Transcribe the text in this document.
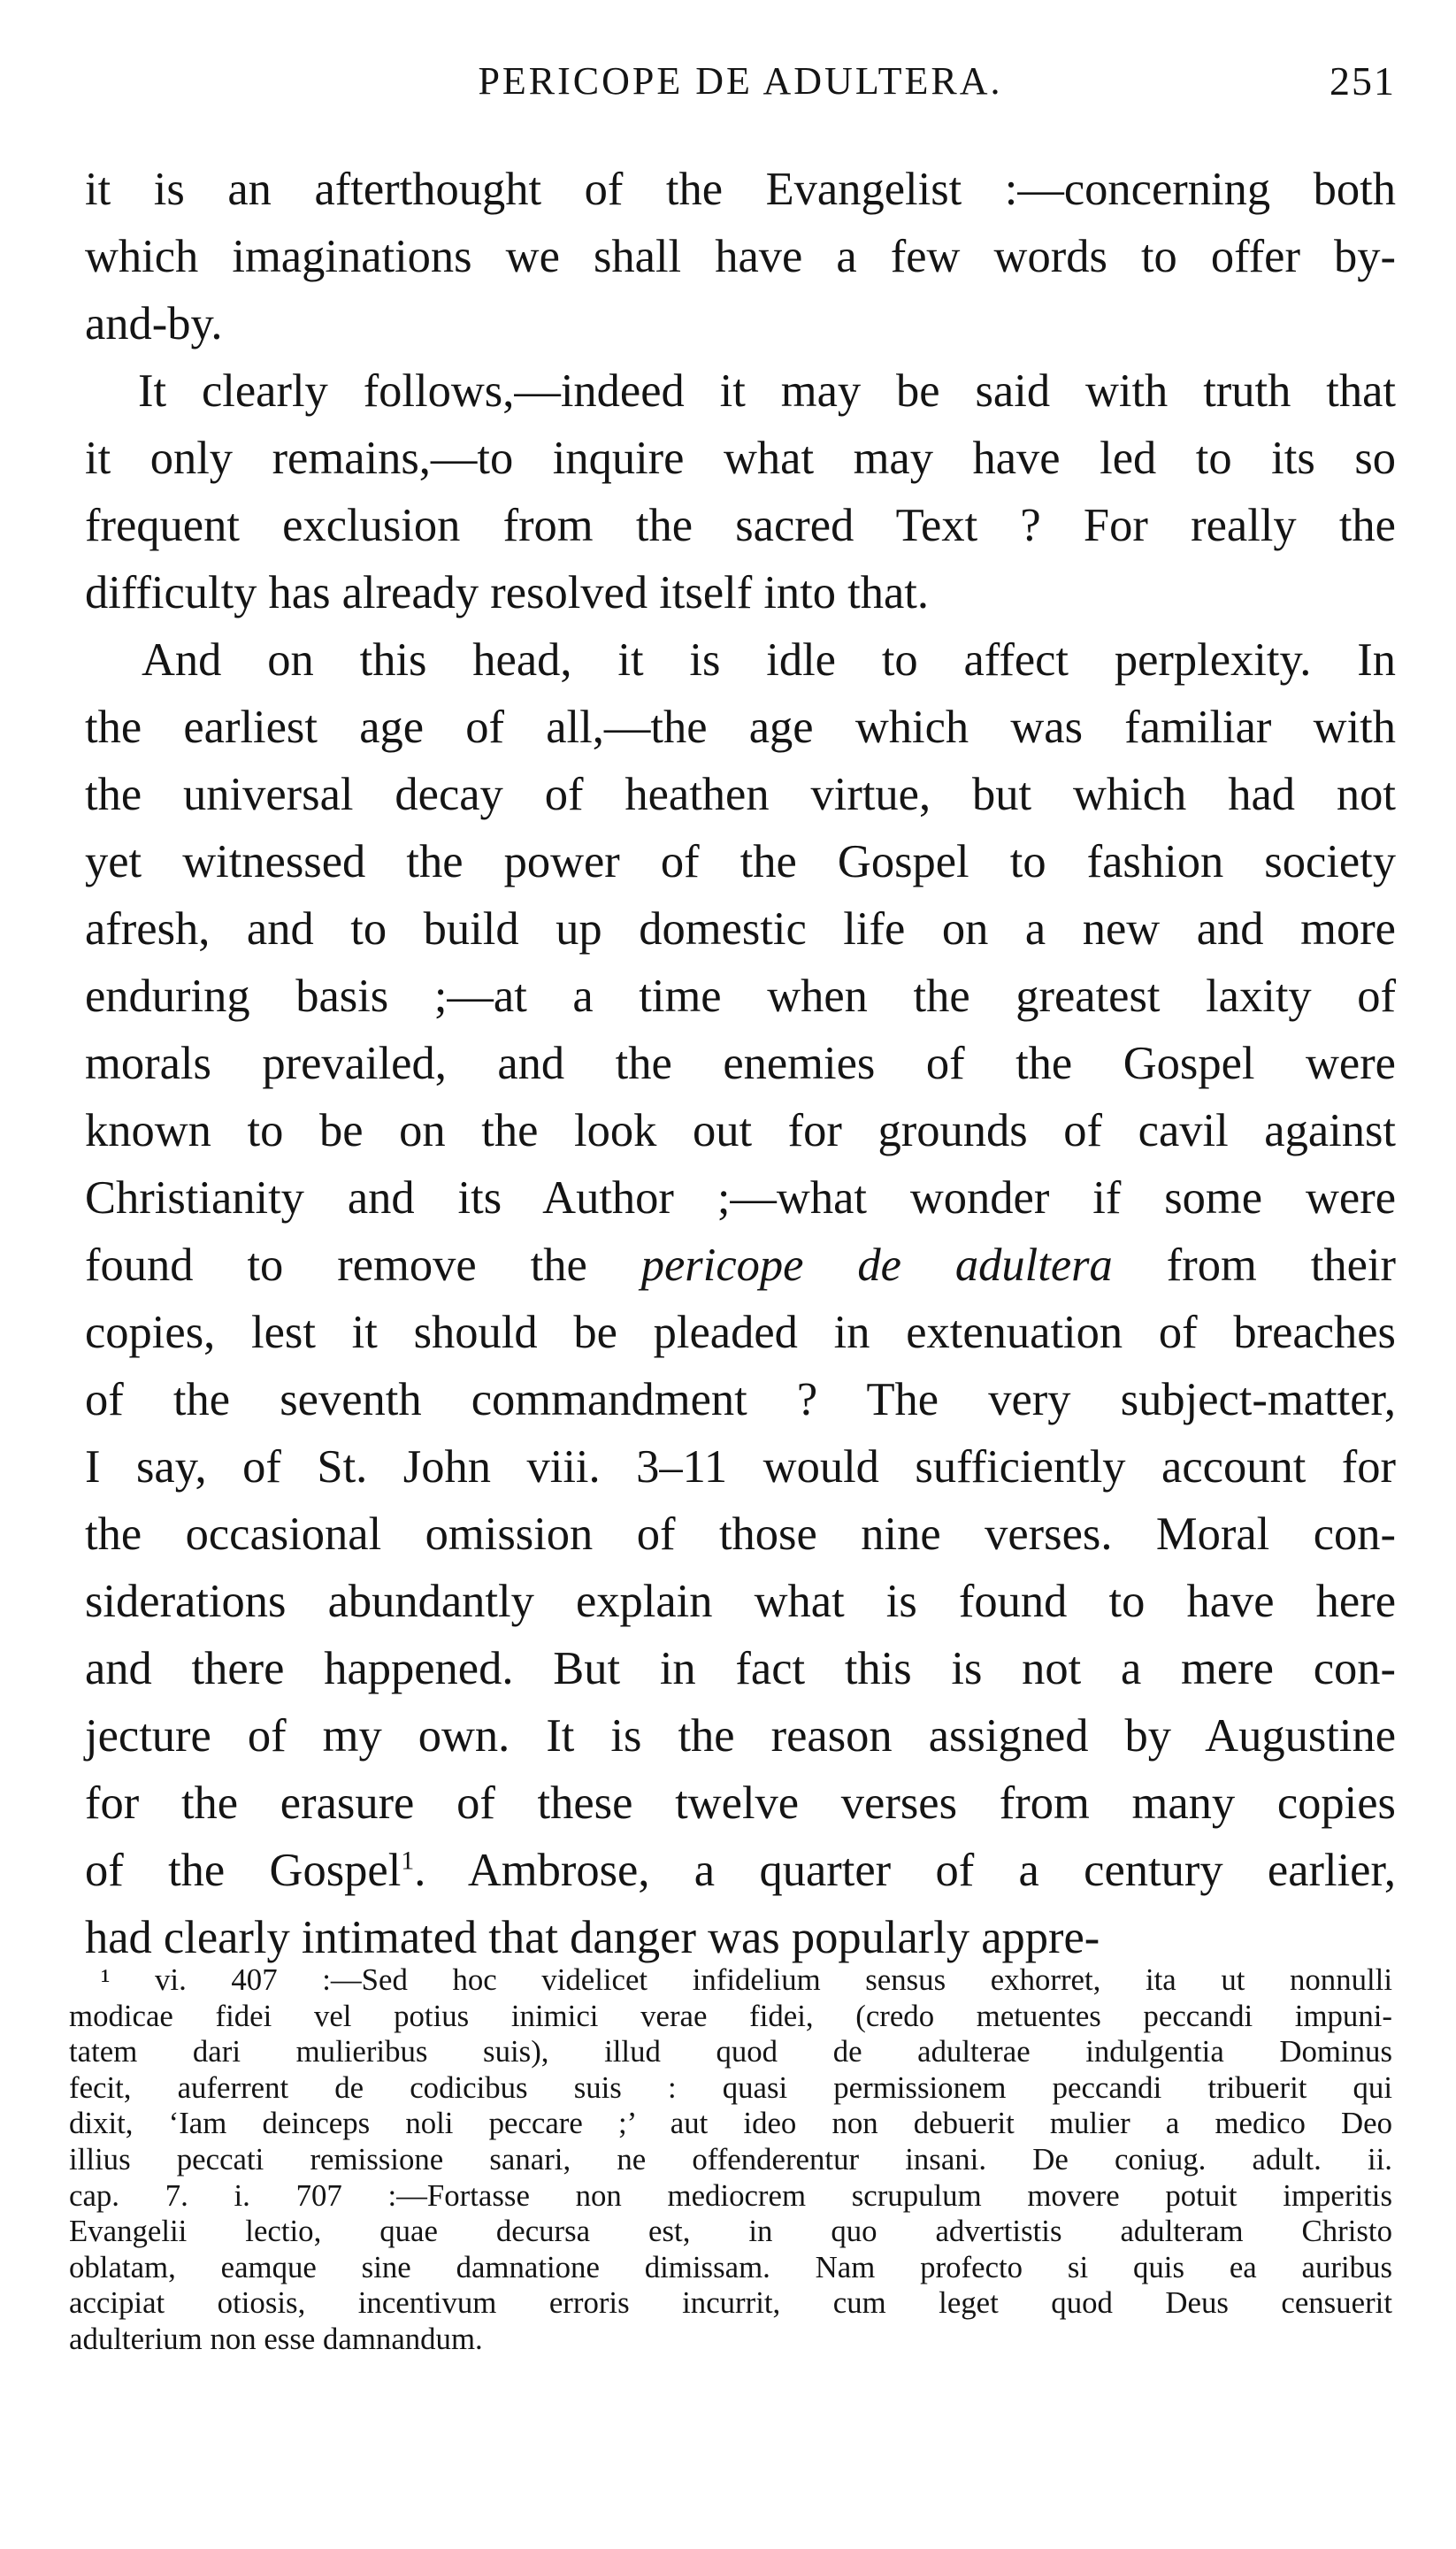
PERICOPE DE ADULTERA.	251
it is an afterthought of the Evangelist :—concerning both
which imaginations we shall have a few words to offer by-
and-by.
It clearly follows,—indeed it may be said with truth that
it only remains,—to inquire what may have led to its so
frequent exclusion from the sacred Text ? For really the
difficulty has already resolved itself into that.
And on this head, it is idle to affect perplexity. In
the earliest age of all,—the age which was familiar with
the universal decay of heathen virtue, but which had not
yet witnessed the power of the Gospel to fashion society
afresh, and to build up domestic life on a new and more
enduring basis ;—at a time when the greatest laxity of
morals prevailed, and the enemies of the Gospel were
known to be on the look out for grounds of cavil against
Christianity and its Author ;—what wonder if some were
found to remove the pericope de adultera from their
copies, lest it should be pleaded in extenuation of breaches
of the seventh commandment ? The very subject-matter,
I say, of St. John viii. 3–11 would sufficiently account for
the occasional omission of those nine verses. Moral con-
siderations abundantly explain what is found to have here
and there happened. But in fact this is not a mere con-
jecture of my own. It is the reason assigned by Augustine
for the erasure of these twelve verses from many copies
of the Gospel$^1$. Ambrose, a quarter of a century earlier,
had clearly intimated that danger was popularly appre-
¹ vi. 407 :—Sed hoc videlicet infidelium sensus exhorret, ita ut nonnulli
modicae fidei vel potius inimici verae fidei, (credo metuentes peccandi impuni-
tatem dari mulieribus suis), illud quod de adulterae indulgentia Dominus
fecit, auferrent de codicibus suis : quasi permissionem peccandi tribuerit qui
dixit, ‘Iam deinceps noli peccare ;’ aut ideo non debuerit mulier a medico Deo
illius peccati remissione sanari, ne offenderentur insani. De coniug. adult. ii.
cap. 7. i. 707 :—Fortasse non mediocrem scrupulum movere potuit imperitis
Evangelii lectio, quae decursa est, in quo advertistis adulteram Christo
oblatam, eamque sine damnatione dimissam. Nam profecto si quis ea auribus
accipiat otiosis, incentivum erroris incurrit, cum leget quod Deus censuerit
adulterium non esse damnandum.
